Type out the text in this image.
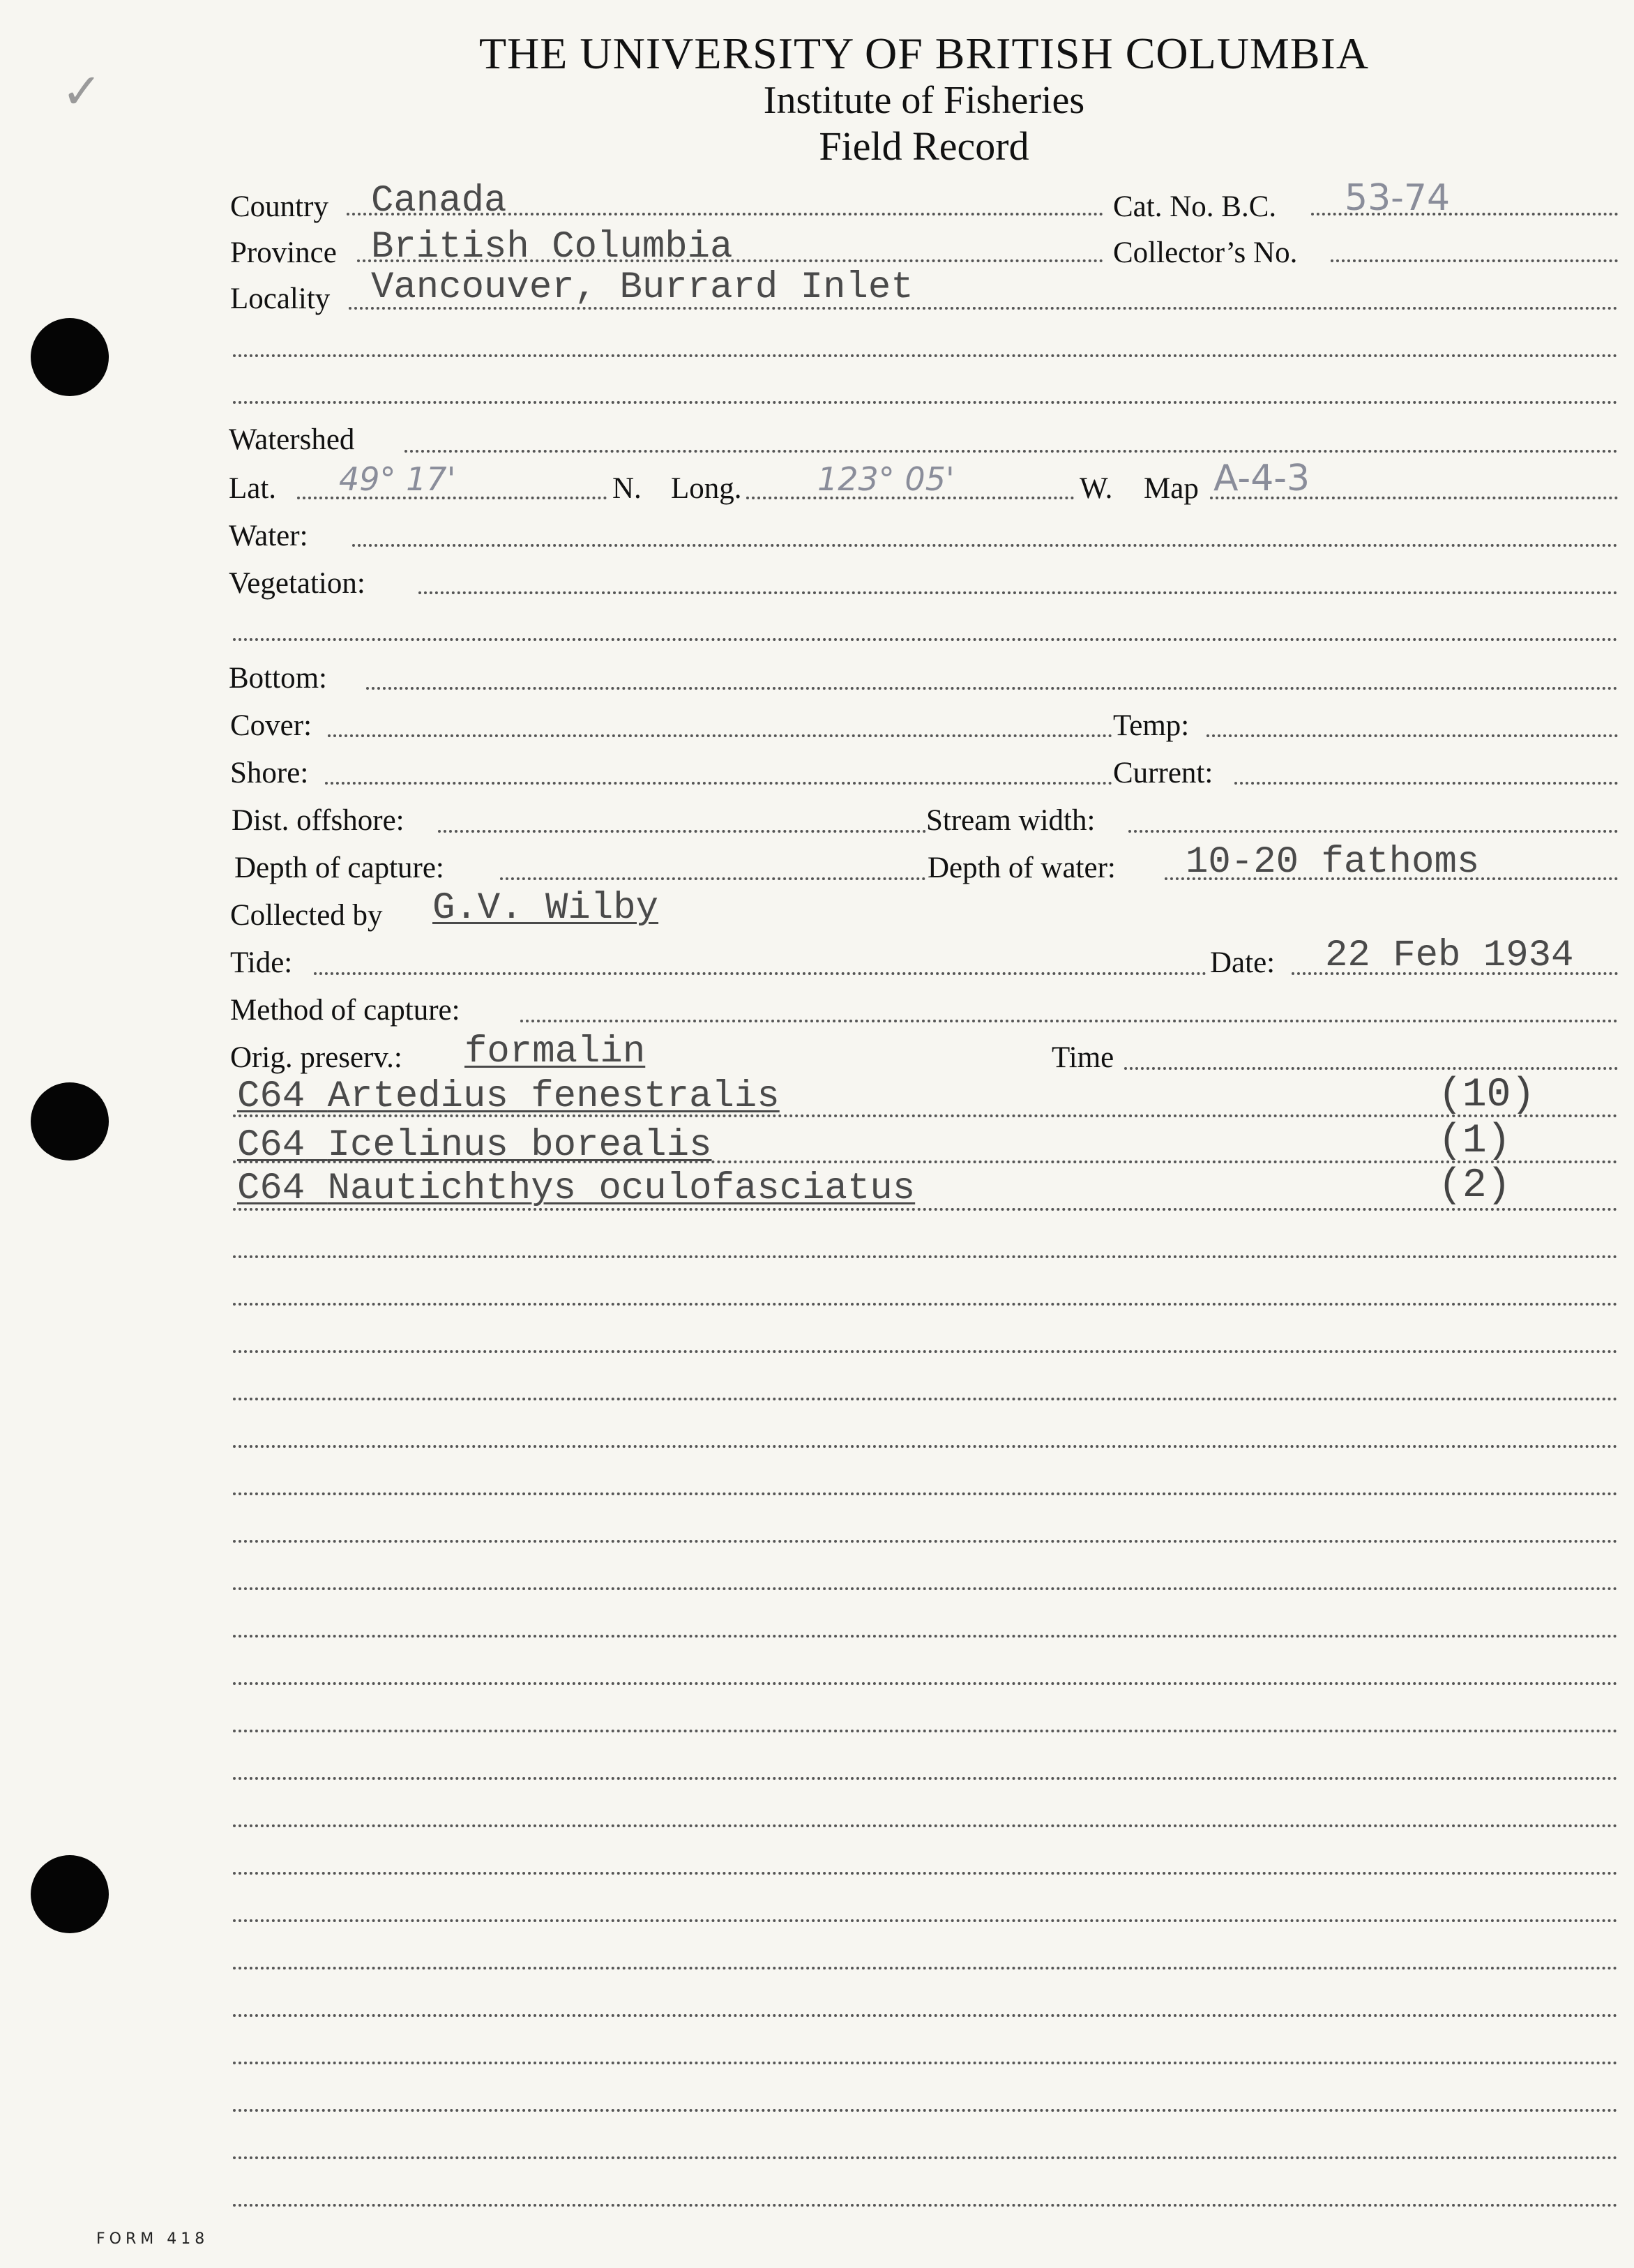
THE UNIVERSITY OF BRITISH COLUMBIA
Institute of Fisheries
Field Record
✓
Country Canada	Cat. No. B.C. 53-74
Province British Columbia	Collector’s No.
Locality Vancouver, Burrard Inlet
Watershed
Lat. 49° 17'	N. Long. 123° 05'	W. Map A-4-3
Water:
Vegetation:
Bottom:
Cover:	Temp:
Shore:	Current:
Dist. offshore:	Stream width:
Depth of capture:	Depth of water: 10-20 fathoms
Collected by G.V. Wilby
Tide:	Date: 22 Feb 1934
Method of capture:
Orig. preserv.: formalin	Time
C64 Artedius fenestralis	(10)
C64 Icelinus borealis	(1)
C64 Nautichthys oculofasciatus	(2)
FORM 418
